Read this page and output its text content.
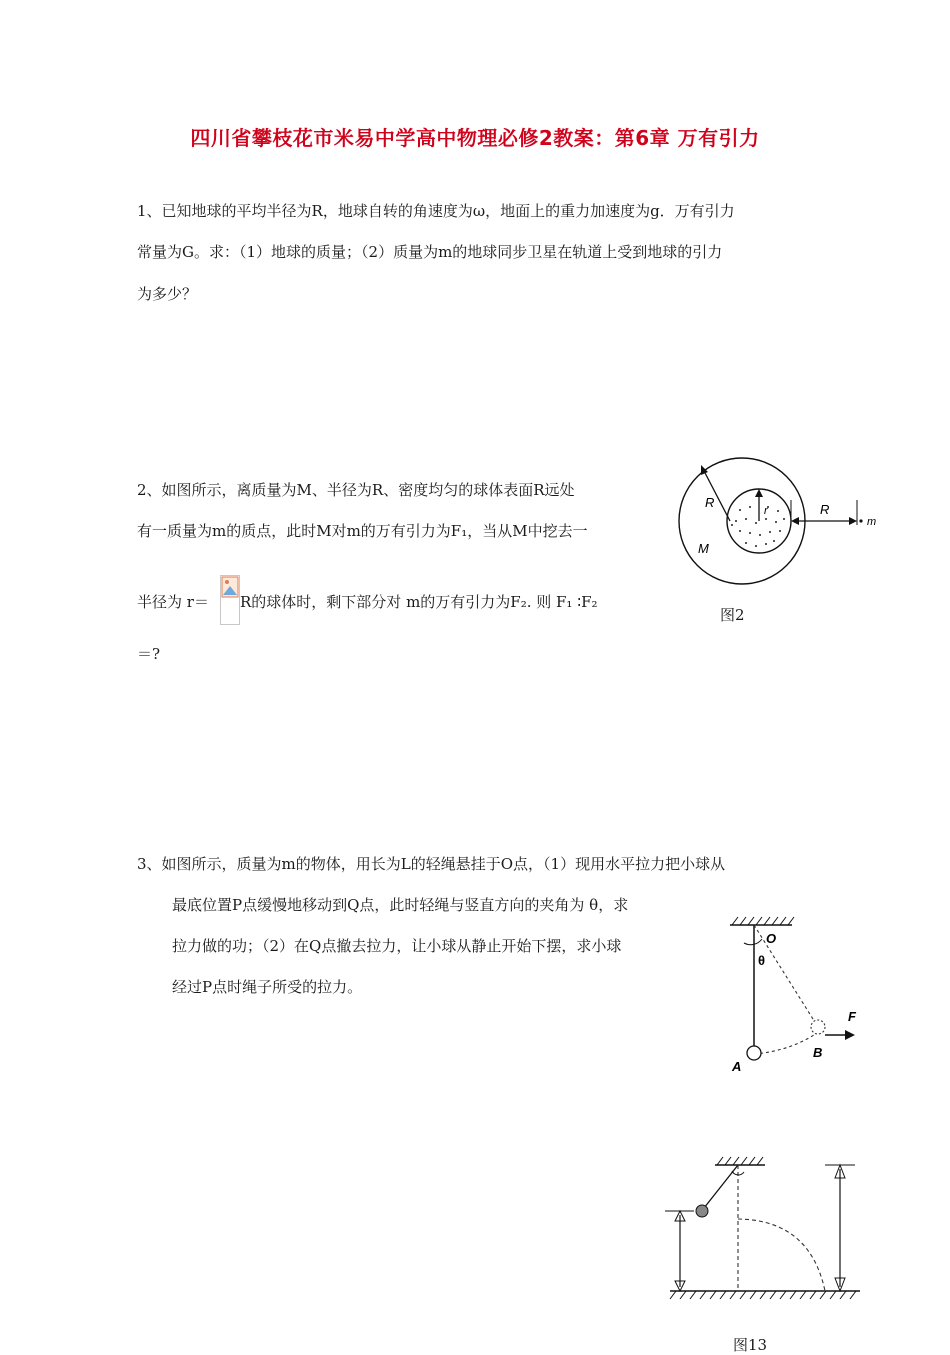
四川省攀枝花市米易中学高中物理必修2教案：第6章 万有引力
1、已知地球的平均半径为R，地球自转的角速度为ω，地面上的重力加速度为g．万有引力
常量为G。求：（1）地球的质量；（2）质量为m的地球同步卫星在轨道上受到地球的引力
为多少？
2、如图所示，离质量为M、半径为R、密度均匀的球体表面R远处
有一质量为m的质点，此时M对m的万有引力为F₁，当从M中挖去一
半径为 r＝ R的球体时，剩下部分对 m的万有引力为F₂. 则 F₁ ∶F₂
＝?
R
r	R
M
m
图2
3、如图所示，质量为m的物体，用长为L的轻绳悬挂于O点，（1）现用水平拉力把小球从
最底位置P点缓慢地移动到Q点，此时轻绳与竖直方向的夹角为 θ，求
拉力做的功；（2）在Q点撤去拉力，让小球从静止开始下摆，求小球
经过P点时绳子所受的拉力。
O
θ
F
A
B
图13
